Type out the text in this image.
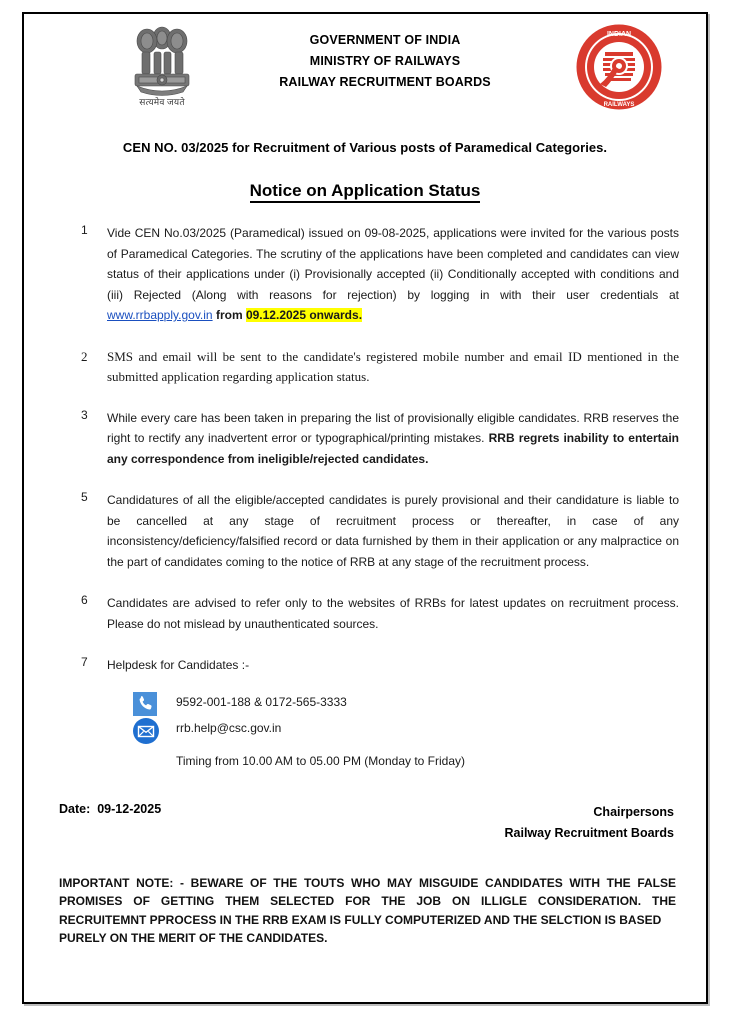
सत्यमेव जयते
GOVERNMENT OF INDIA
MINISTRY OF RAILWAYS
RAILWAY RECRUITMENT BOARDS
INDIAN
RAILWAYS
CEN NO. 03/2025 for Recruitment of Various posts of Paramedical Categories.
Notice on Application Status
1 Vide CEN No.03/2025 (Paramedical) issued on 09-08-2025, applications were invited for the various posts of Paramedical Categories. The scrutiny of the applications have been completed and candidates can view status of their applications under (i) Provisionally accepted (ii) Conditionally accepted with conditions and (iii) Rejected (Along with reasons for rejection) by logging in with their user credentials at www.rrbapply.gov.in from 09.12.2025 onwards.

2 SMS and email will be sent to the candidate's registered mobile number and email ID mentioned in the submitted application regarding application status.

3 While every care has been taken in preparing the list of provisionally eligible candidates. RRB reserves the right to rectify any inadvertent error or typographical/printing mistakes. RRB regrets inability to entertain any correspondence from ineligible/rejected candidates.

5 Candidatures of all the eligible/accepted candidates is purely provisional and their candidature is liable to be cancelled at any stage of recruitment process or thereafter, in case of any inconsistency/deficiency/falsified record or data furnished by them in their application or any malpractice on the part of candidates coming to the notice of RRB at any stage of the recruitment process.

6 Candidates are advised to refer only to the websites of RRBs for latest updates on recruitment process. Please do not mislead by unauthenticated sources.

7 Helpdesk for Candidates :-

9592-001-188 & 0172-565-3333
rrb.help@csc.gov.in
Timing from 10.00 AM to 05.00 PM (Monday to Friday)
Date: 09-12-2025	Chairpersons
Railway Recruitment Boards
IMPORTANT NOTE: - BEWARE OF THE TOUTS WHO MAY MISGUIDE CANDIDATES WITH THE FALSE PROMISES OF GETTING THEM SELECTED FOR THE JOB ON ILLIGLE CONSIDERATION. THE RECRUITEMNT PPROCESS IN THE RRB EXAM IS FULLY COMPUTERIZED AND THE SELCTION IS BASED
PURELY ON THE MERIT OF THE CANDIDATES.
